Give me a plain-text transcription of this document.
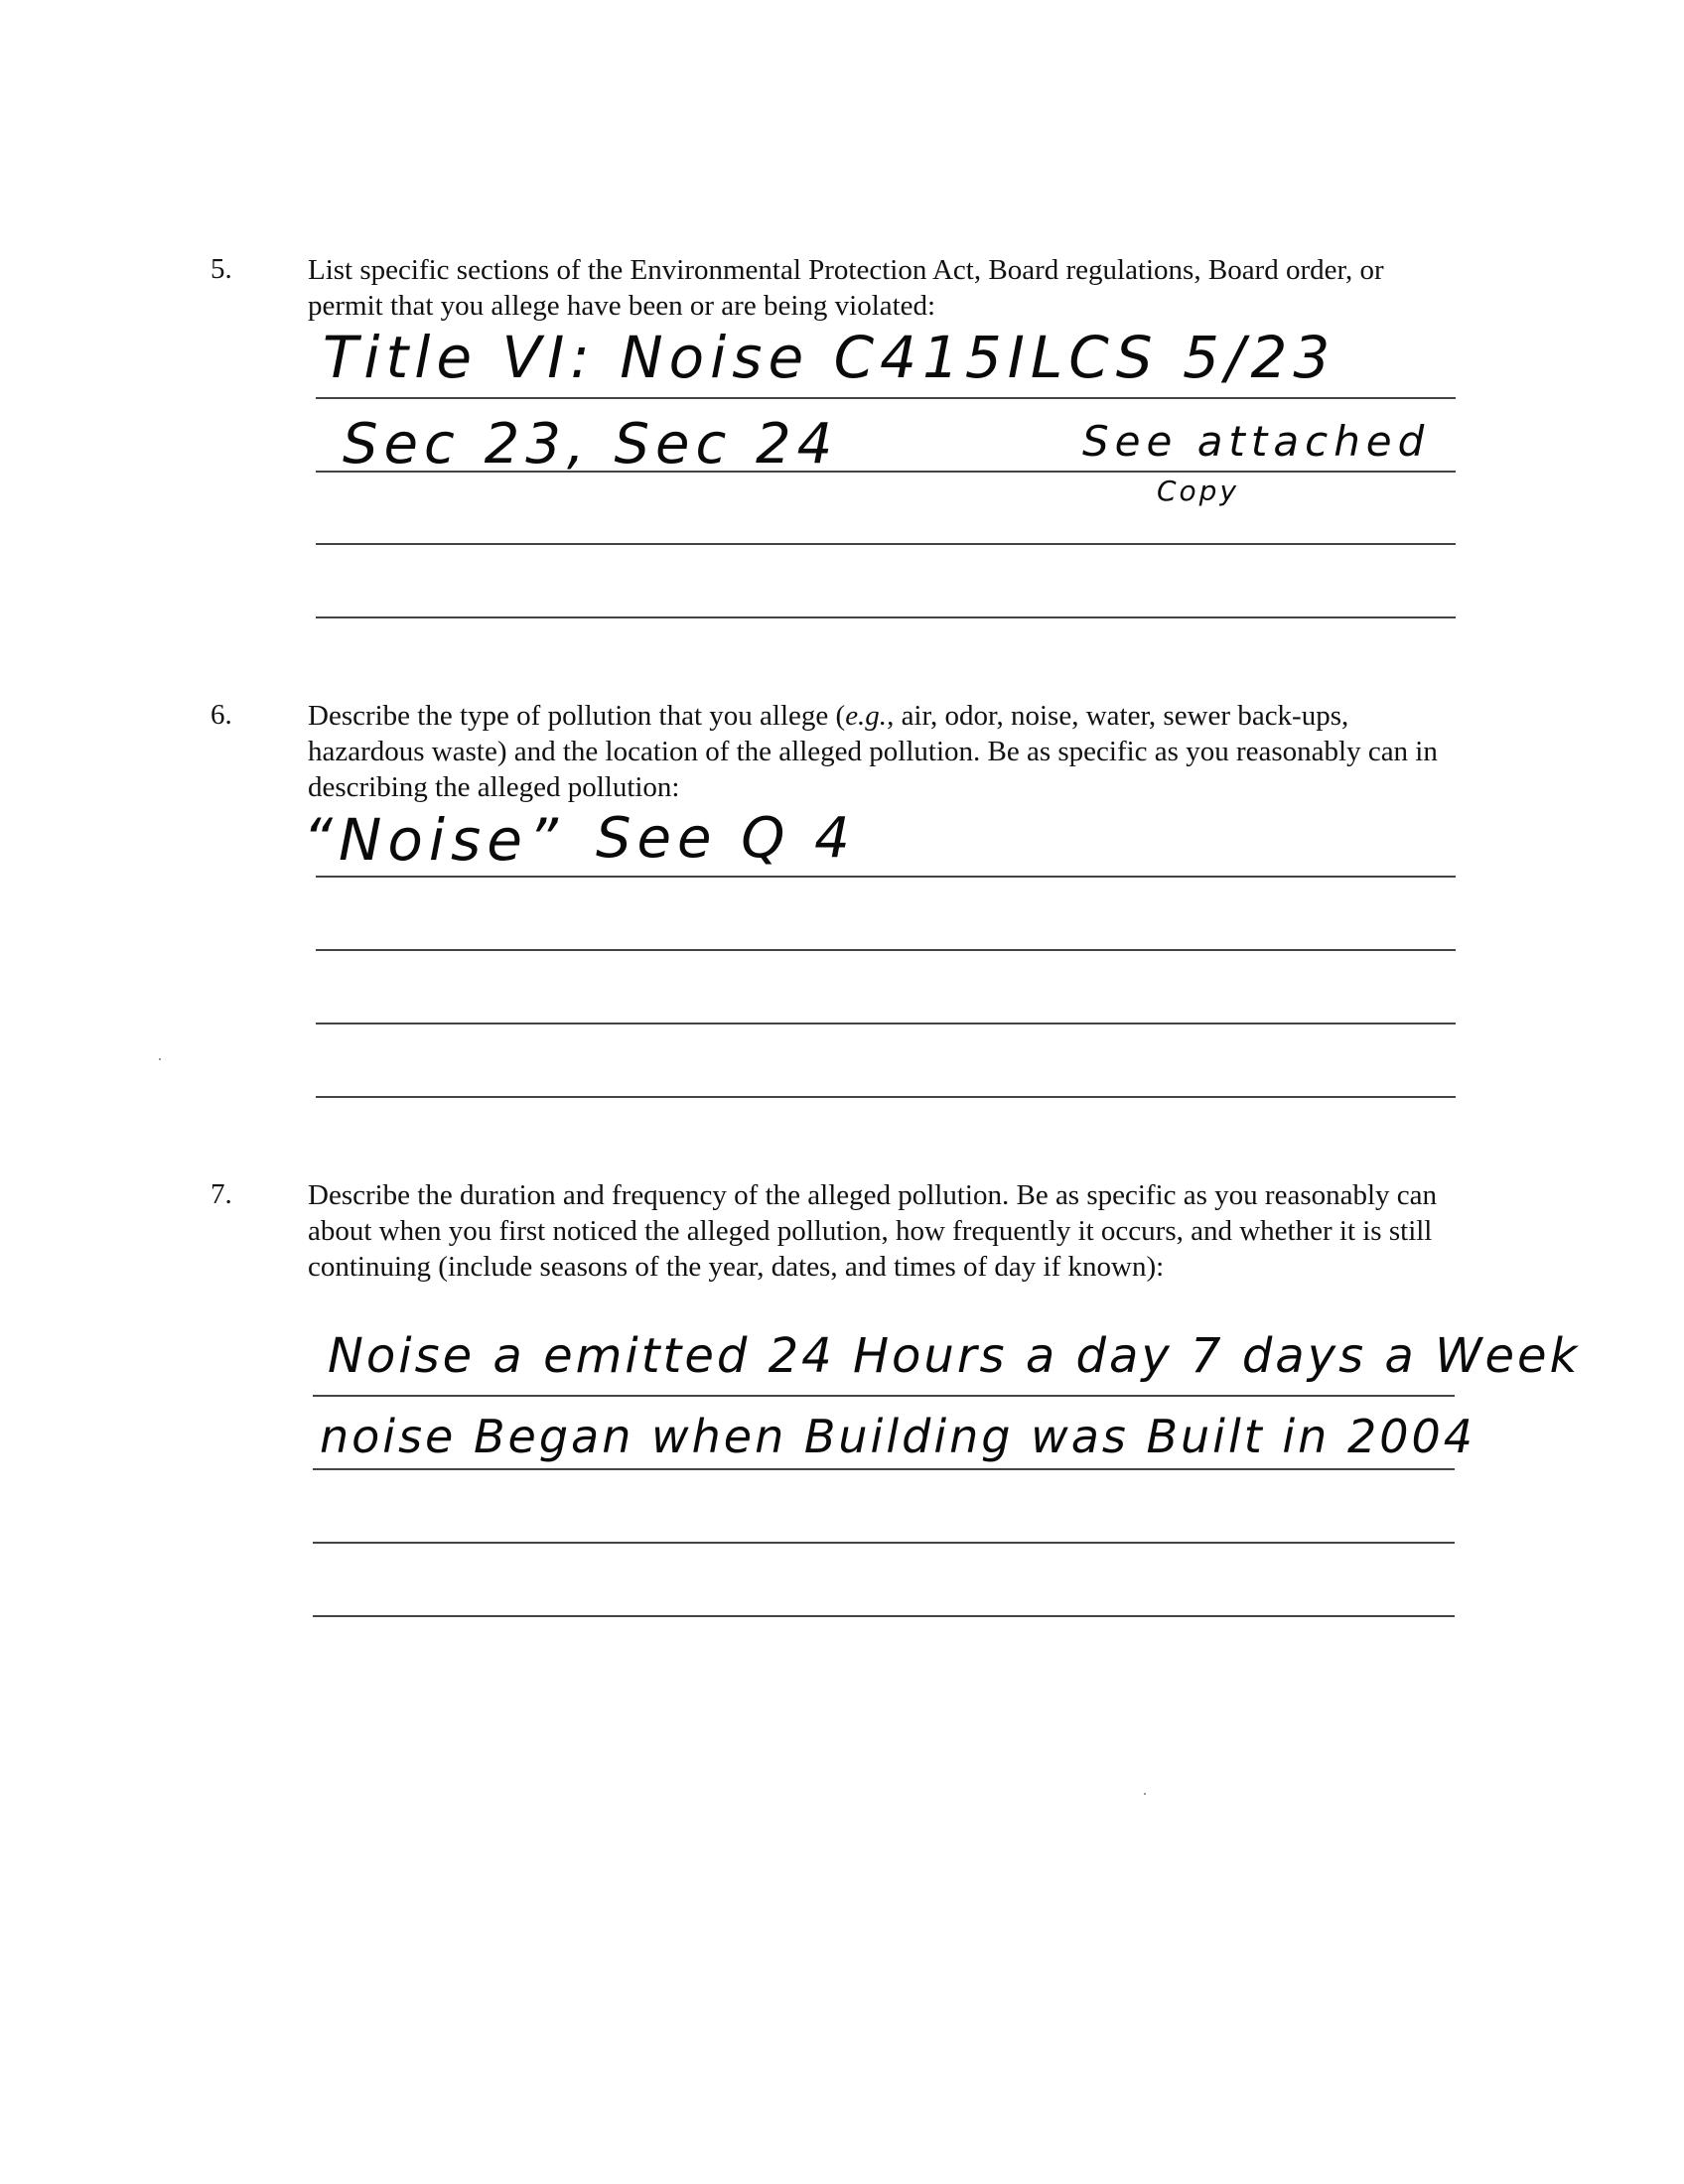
5.	List specific sections of the Environmental Protection Act, Board regulations, Board order, or permit that you allege have been or are being violated:
Title VI: Noise C415ILCS 5/23
Sec 23, Sec 24	See attached
Copy
6.	Describe the type of pollution that you allege (e.g., air, odor, noise, water, sewer back-ups, hazardous waste) and the location of the alleged pollution. Be as specific as you reasonably can in describing the alleged pollution:
“Noise” See Q 4
7.	Describe the duration and frequency of the alleged pollution. Be as specific as you reasonably can about when you first noticed the alleged pollution, how frequently it occurs, and whether it is still continuing (include seasons of the year, dates, and times of day if known):
Noise a emitted 24 Hours a day 7 days a Week
noise Began when Building was Built in 2004
